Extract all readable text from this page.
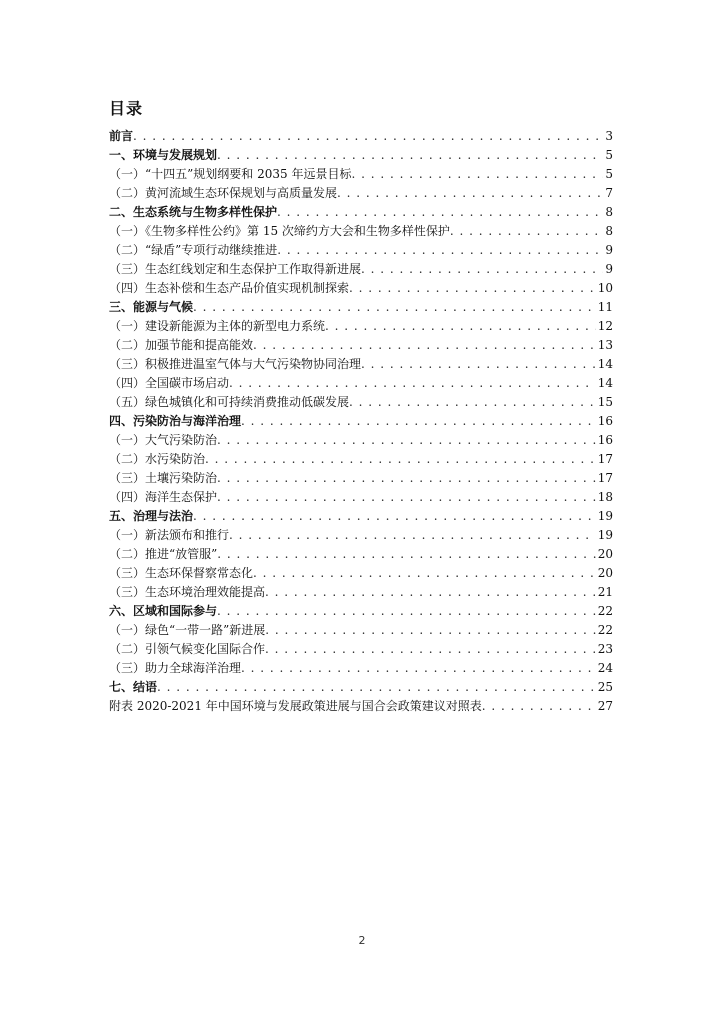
目录
前言 . . .	3
一、环境与发展规划 . . .	5
（一）“十四五”规划纲要和 2035 年远景目标 . . .	5
（二）黄河流域生态环保规划与高质量发展 . . .	7
二、生态系统与生物多样性保护 . . .	8
（一）《生物多样性公约》第 15 次缔约方大会和生物多样性保护 . . .	8
（二）“绿盾”专项行动继续推进 . . .	9
（三）生态红线划定和生态保护工作取得新进展 . . .	9
（四）生态补偿和生态产品价值实现机制探索 . . .	10
三、能源与气候 . . .	11
（一）建设新能源为主体的新型电力系统 . . .	12
（二）加强节能和提高能效 . . .	13
（三）积极推进温室气体与大气污染物协同治理 . . .	14
（四）全国碳市场启动 . . .	14
（五）绿色城镇化和可持续消费推动低碳发展 . . .	15
四、污染防治与海洋治理 . . .	16
（一）大气污染防治 . . .	16
（二）水污染防治 . . .	17
（三）土壤污染防治 . . .	17
（四）海洋生态保护 . . .	18
五、治理与法治 . . .	19
（一）新法颁布和推行 . . .	19
（二）推进“放管服” . . .	20
（三）生态环保督察常态化 . . .	20
（三）生态环境治理效能提高 . . .	21
六、区域和国际参与 . . .	22
（一）绿色“一带一路”新进展 . . .	22
（二）引领气候变化国际合作 . . .	23
（三）助力全球海洋治理 . . .	24
七、结语 . . .	25
附表 2020-2021 年中国环境与发展政策进展与国合会政策建议对照表 . . .	27
2
